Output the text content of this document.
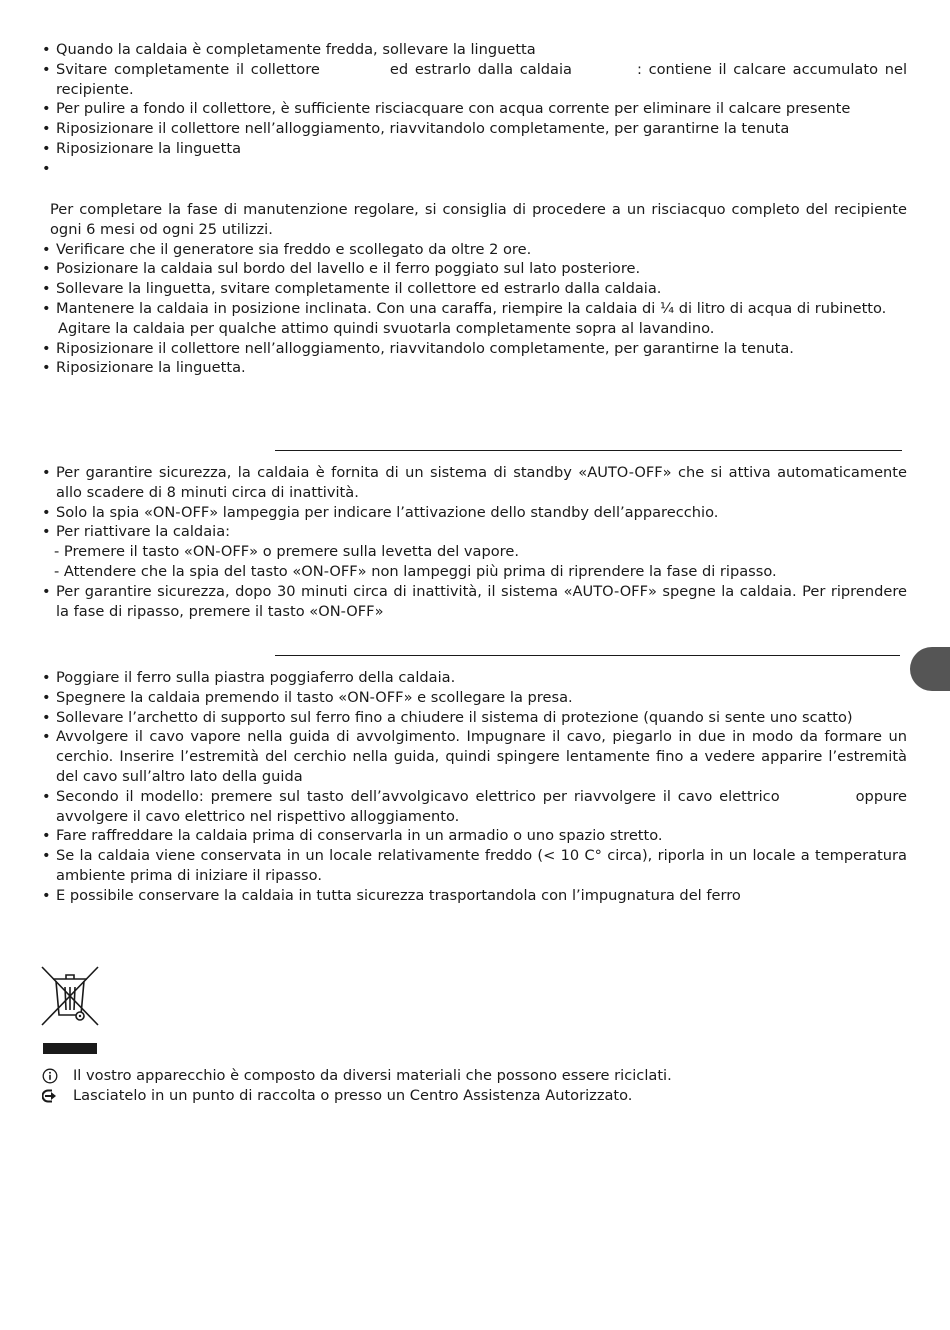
• Quando la caldaia è completamente fredda, sollevare la linguetta
• Svitare completamente il collettore	ed estrarlo dalla caldaia	: contiene il calcare accumulato nel recipiente.
• Per pulire a fondo il collettore, è sufficiente risciacquare con acqua corrente per eliminare il calcare presente
• Riposizionare il collettore nell’alloggiamento, riavvitandolo completamente, per garantirne la tenuta
• Riposizionare la linguetta
•
Per completare la fase di manutenzione regolare, si consiglia di procedere a un risciacquo completo del recipiente ogni 6 mesi od ogni 25 utilizzi.
• Verificare che il generatore sia freddo e scollegato da oltre 2 ore.
• Posizionare la caldaia sul bordo del lavello e il ferro poggiato sul lato posteriore.
• Sollevare la linguetta, svitare completamente il collettore ed estrarlo dalla caldaia.
• Mantenere la caldaia in posizione inclinata. Con una caraffa, riempire la caldaia di ¼ di litro di acqua di rubinetto.
Agitare la caldaia per qualche attimo quindi svuotarla completamente sopra al lavandino.
• Riposizionare il collettore nell’alloggiamento, riavvitandolo completamente, per garantirne la tenuta.
• Riposizionare la linguetta.
• Per garantire sicurezza, la caldaia è fornita di un sistema di standby «AUTO-OFF» che si attiva automaticamente allo scadere di 8 minuti circa di inattività.
• Solo la spia «ON-OFF» lampeggia per indicare l’attivazione dello standby dell’apparecchio.
• Per riattivare la caldaia:
- Premere il tasto «ON-OFF» o premere sulla levetta del vapore.
- Attendere che la spia del tasto «ON-OFF» non lampeggi più prima di riprendere la fase di ripasso.
• Per garantire sicurezza, dopo 30 minuti circa di inattività, il sistema «AUTO-OFF» spegne la caldaia. Per riprendere la fase di ripasso, premere il tasto «ON-OFF»
• Poggiare il ferro sulla piastra poggiaferro della caldaia.
• Spegnere la caldaia premendo il tasto «ON-OFF» e scollegare la presa.
• Sollevare l’archetto di supporto sul ferro fino a chiudere il sistema di protezione (quando si sente uno scatto)
• Avvolgere il cavo vapore nella guida di avvolgimento. Impugnare il cavo, piegarlo in due in modo da formare un cerchio. Inserire l’estremità del cerchio nella guida, quindi spingere lentamente fino a vedere apparire l’estremità del cavo sull’altro lato della guida
• Secondo il modello: premere sul tasto dell’avvolgicavo elettrico per riavvolgere il cavo elettrico	oppure avvolgere il cavo elettrico nel rispettivo alloggiamento.
• Fare raffreddare la caldaia prima di conservarla in un armadio o uno spazio stretto.
• Se la caldaia viene conservata in un locale relativamente freddo (< 10 C° circa), riporla in un locale a temperatura ambiente prima di iniziare il ripasso.
• E possibile conservare la caldaia in tutta sicurezza trasportandola con l’impugnatura del ferro
Il vostro apparecchio è composto da diversi materiali che possono essere riciclati.
Lasciatelo in un punto di raccolta o presso un Centro Assistenza Autorizzato.
